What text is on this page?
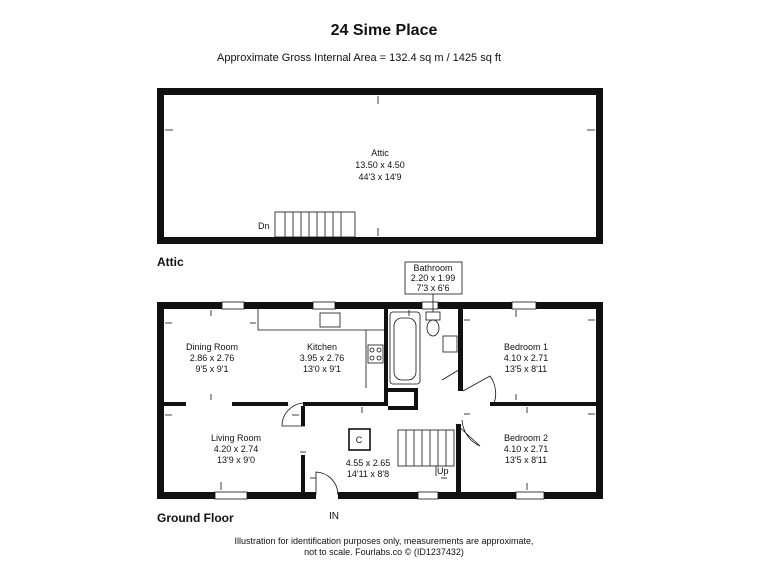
24 Sime Place
Approximate Gross Internal Area = 132.4 sq m / 1425 sq ft
Attic
Ground Floor
Attic
13.50 x 4.50
44'3 x 14'9
Dn
Bathroom
2.20 x 1.99
7'3 x 6'6
Dining Room
2.86 x 2.76
9'5 x 9'1
Kitchen
3.95 x 2.76
13'0 x 9'1
Bedroom 1
4.10 x 2.71
13'5 x 8'11
Living Room
4.20 x 2.74
13'9 x 9'0
C
4.55 x 2.65
14'11 x 8'8	Up
Bedroom 2
4.10 x 2.71
13'5 x 8'11
IN
Illustration for identification purposes only, measurements are approximate,
not to scale. Fourlabs.co © (ID1237432)
